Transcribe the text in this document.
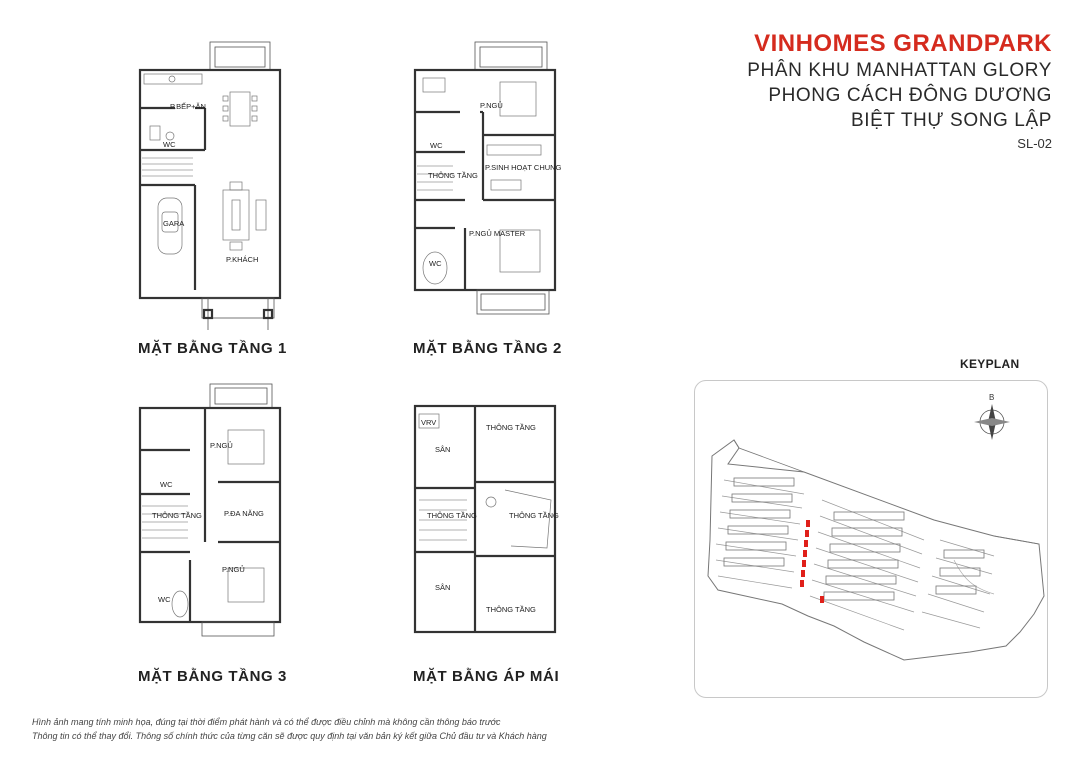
VINHOMES GRANDPARK
PHÂN KHU MANHATTAN GLORY
PHONG CÁCH ĐÔNG DƯƠNG
BIỆT THỰ SONG LẬP
SL-02
P.BẾP+ĂN
WC
GARA
P.KHÁCH
MẶT BẰNG TẦNG 1
P.NGỦ
WC
THÔNG TẦNG
P.SINH HOẠT CHUNG
P.NGỦ MASTER
WC
MẶT BẰNG TẦNG 2
P.NGỦ
WC
THÔNG TẦNG	P.ĐA NĂNG
P.NGỦ
WC
MẶT BẰNG TẦNG 3
VRV
SÂN
THÔNG TẦNG
THÔNG TẦNG	THÔNG TẦNG
SÂN
THÔNG TẦNG
MẶT BẰNG ÁP MÁI
KEYPLAN
B
Hình ảnh mang tính minh họa, đúng tại thời điểm phát hành và có thể được điều chỉnh mà không cần thông báo trước
Thông tin có thể thay đổi. Thông số chính thức của từng căn sẽ được quy định tại văn bản ký kết giữa Chủ đầu tư và Khách hàng
